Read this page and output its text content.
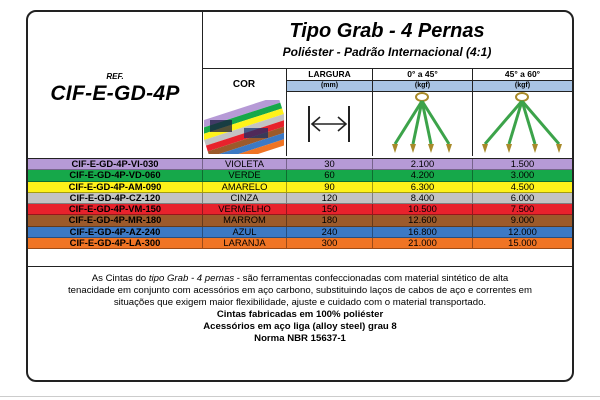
REF.
CIF-E-GD-4P
Tipo Grab - 4 Pernas
Poliéster - Padrão Internacional (4:1)
COR
LARGURA
(mm)
0° a 45°
(kgf)
45° a 60°
(kgf)
CIF-E-GD-4P-VI-030	VIOLETA	30	2.100	1.500
CIF-E-GD-4P-VD-060	VERDE	60	4.200	3.000
CIF-E-GD-4P-AM-090	AMARELO	90	6.300	4.500
CIF-E-GD-4P-CZ-120	CINZA	120	8.400	6.000
CIF-E-GD-4P-VM-150	VERMELHO	150	10.500	7.500
CIF-E-GD-4P-MR-180	MARROM	180	12.600	9.000
CIF-E-GD-4P-AZ-240	AZUL	240	16.800	12.000
CIF-E-GD-4P-LA-300	LARANJA	300	21.000	15.000
As Cintas do tipo Grab - 4 pernas - são ferramentas confeccionadas com material sintético de alta tenacidade em conjunto com acessórios em aço carbono, substituindo laços de cabos de aço e correntes em situações que exigem maior flexibilidade, ajuste e cuidado com o material transportado.
Cintas fabricadas em 100% poliéster
Acessórios em aço liga (alloy steel) grau 8
Norma NBR 15637-1
